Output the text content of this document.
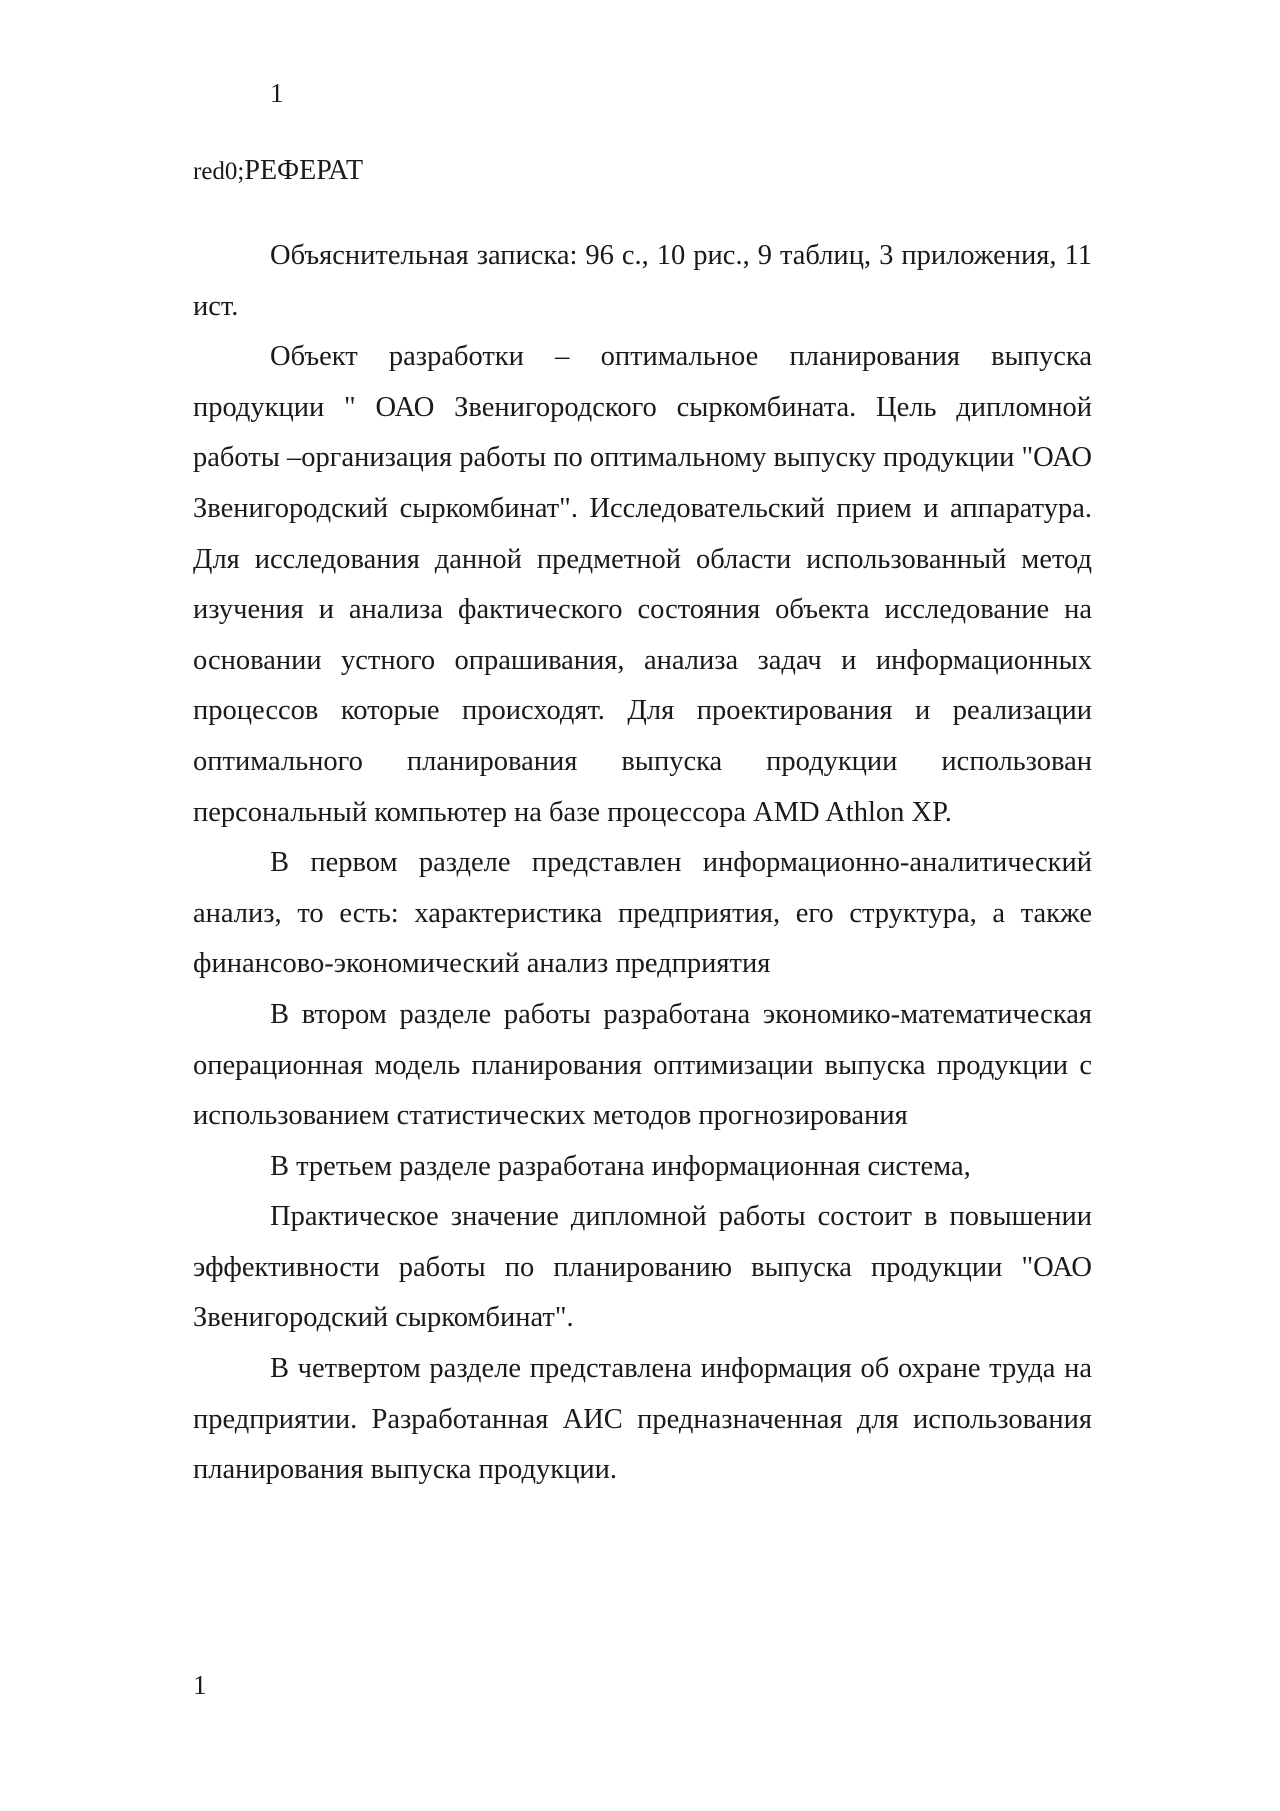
1
red0;РЕФЕРАТ

Объяснительная записка: 96 с., 10 рис., 9 таблиц, 3 приложения, 11 ист.

Объект разработки – оптимальное планирования выпуска продукции " ОАО Звенигородского сыркомбината. Цель дипломной работы –организация работы по оптимальному выпуску продукции "ОАО Звенигородский сыркомбинат". Исследовательский прием и аппаратура. Для исследования данной предметной области использованный метод изучения и анализа фактического состояния объекта исследование на основании устного опрашивания, анализа задач и информационных процессов которые происходят. Для проектирования и реализации оптимального планирования выпуска продукции использован персональный компьютер на базе процессора AMD Athlon XP.

В первом разделе представлен информационно-аналитический анализ, то есть: характеристика предприятия, его структура, а также финансово-экономический анализ предприятия

В втором разделе работы разработана экономико-математическая операционная модель планирования оптимизации выпуска продукции с использованием статистических методов прогнозирования

В третьем разделе разработана информационная система,

Практическое значение дипломной работы состоит в повышении эффективности работы по планированию выпуска продукции "ОАО Звенигородский сыркомбинат".

В четвертом разделе представлена информация об охране труда на предприятии. Разработанная АИС предназначенная для использования планирования выпуска продукции.

1
